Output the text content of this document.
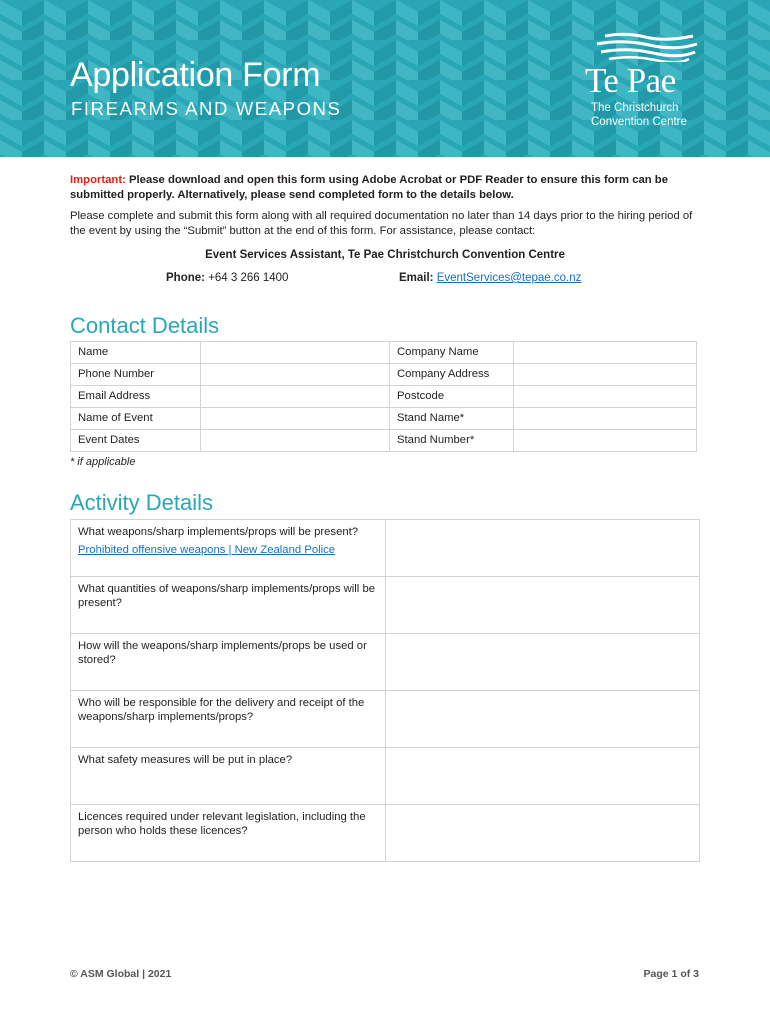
Application Form
FIREARMS AND WEAPONS
Te Pae
The Christchurch
Convention Centre
Important: Please download and open this form using Adobe Acrobat or PDF Reader to ensure this form can be submitted properly. Alternatively, please send completed form to the details below.
Please complete and submit this form along with all required documentation no later than 14 days prior to the hiring period of the event by using the “Submit” button at the end of this form. For assistance, please contact:
Event Services Assistant, Te Pae Christchurch Convention Centre
Phone: +64 3 266 1400	Email: EventServices@tepae.co.nz
Contact Details
Name		Company Name	
Phone Number		Company Address	
Email Address		Postcode	
Name of Event		Stand Name*	
Event Dates		Stand Number*	
* if applicable
Activity Details
What weapons/sharp implements/props will be present?
Prohibited offensive weapons | New Zealand Police	

What quantities of weapons/sharp implements/props will be present?	

How will the weapons/sharp implements/props be used or stored?	

Who will be responsible for the delivery and receipt of the weapons/sharp implements/props?	

What safety measures will be put in place?	

Licences required under relevant legislation, including the person who holds these licences?	

© ASM Global | 2021	Page 1 of 3
